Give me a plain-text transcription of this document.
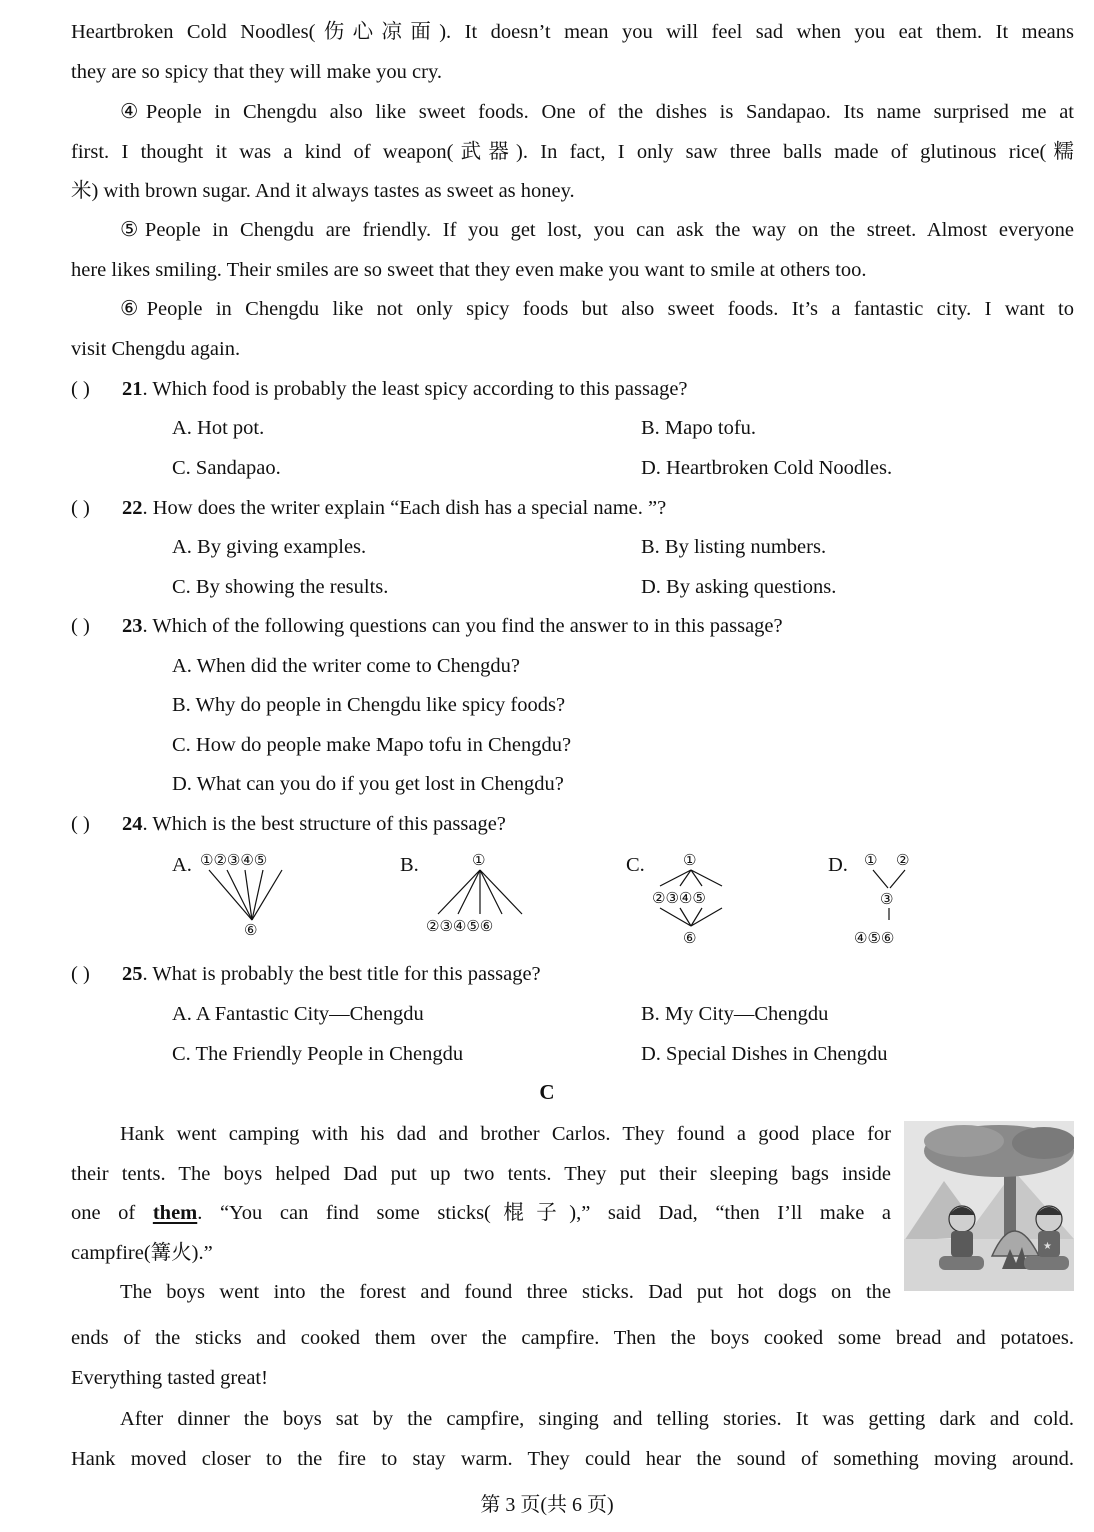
Heartbroken Cold Noodles(伤心凉面). It doesn’t mean you will feel sad when you eat them. It means
they are so spicy that they will make you cry.
④People in Chengdu also like sweet foods. One of the dishes is Sandapao. Its name surprised me at
first. I thought it was a kind of weapon(武器). In fact, I only saw three balls made of glutinous rice(糯
米) with brown sugar. And it always tastes as sweet as honey.
⑤People in Chengdu are friendly. If you get lost, you can ask the way on the street. Almost everyone
here likes smiling. Their smiles are so sweet that they even make you want to smile at others too.
⑥People in Chengdu like not only spicy foods but also sweet foods. It’s a fantastic city. I want to
visit Chengdu again.
( ) 21. Which food is probably the least spicy according to this passage?
A. Hot pot.	B. Mapo tofu.
C. Sandapao.	D. Heartbroken Cold Noodles.
( ) 22. How does the writer explain “Each dish has a special name. ”?
A. By giving examples.	B. By listing numbers.
C. By showing the results.	D. By asking questions.
( ) 23. Which of the following questions can you find the answer to in this passage?
A. When did the writer come to Chengdu?
B. Why do people in Chengdu like spicy foods?
C. How do people make Mapo tofu in Chengdu?
D. What can you do if you get lost in Chengdu?
( ) 24. Which is the best structure of this passage?
A. ①②③④⑤
⑥
B.	①
②③④⑤⑥
C.	①
②③④⑤
⑥
D. ① ②
③
④⑤⑥
( ) 25. What is probably the best title for this passage?
A. A Fantastic City—Chengdu	B. My City—Chengdu
C. The Friendly People in Chengdu	D. Special Dishes in Chengdu
C
Hank went camping with his dad and brother Carlos. They found a good place for
their tents. The boys helped Dad put up two tents. They put their sleeping bags inside
one of them. “You can find some sticks(棍子),” said Dad, “then I’ll make a
campfire(篝火).”
The boys went into the forest and found three sticks. Dad put hot dogs on the
ends of the sticks and cooked them over the campfire. Then the boys cooked some bread and potatoes.
Everything tasted great!
After dinner the boys sat by the campfire, singing and telling stories. It was getting dark and cold.
Hank moved closer to the fire to stay warm. They could hear the sound of something moving around.
★
第 3 页(共 6 页)
